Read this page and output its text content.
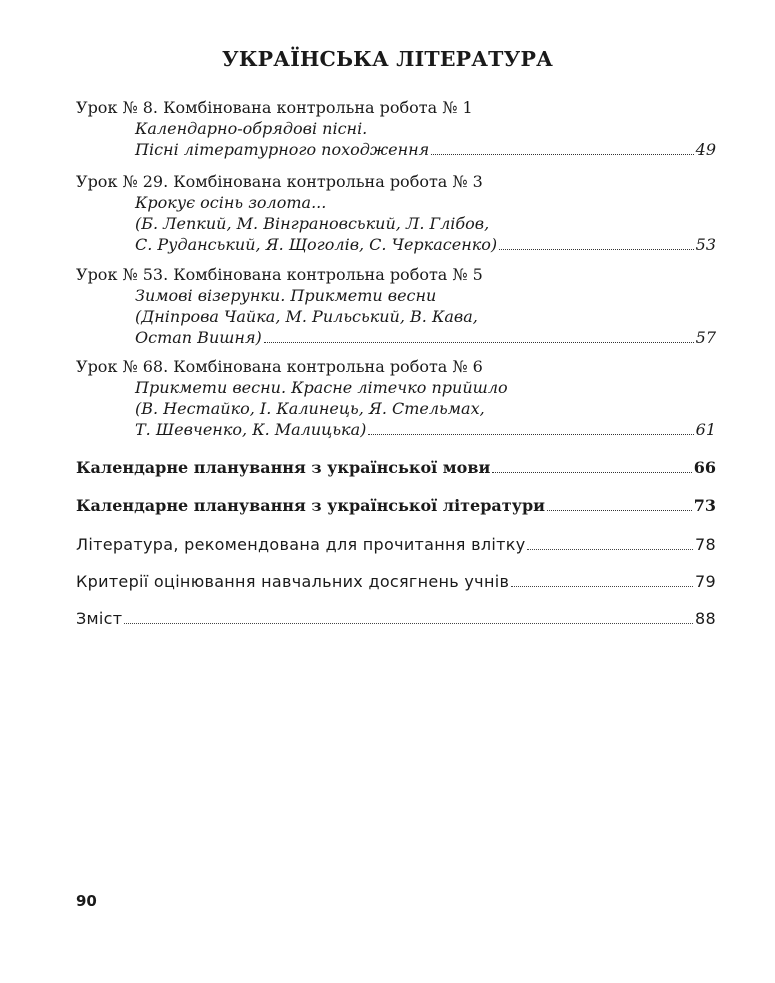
УКРАЇНСЬКА ЛІТЕРАТУРА
Урок № 8. Комбінована контрольна робота № 1
Календарно-обрядові пісні.
Пісні літературного походження	49
Урок № 29. Комбінована контрольна робота № 3
Крокує осінь золота...
(Б. Лепкий, М. Вінграновський, Л. Глібов,
С. Руданський, Я. Щоголів, С. Черкасенко)	53
Урок № 53. Комбінована контрольна робота № 5
Зимові візерунки. Прикмети весни
(Дніпрова Чайка, М. Рильський, В. Кава,
Остап Вишня)	57
Урок № 68. Комбінована контрольна робота № 6
Прикмети весни. Красне літечко прийшло
(В. Нестайко, І. Калинець, Я. Стельмах,
Т. Шевченко, К. Малицька)	61
Календарне планування з української мови	66
Календарне планування з української літератури	73
Література, рекомендована для прочитання влітку	78
Критерії оцінювання навчальних досягнень учнів	79
Зміст	88
90
